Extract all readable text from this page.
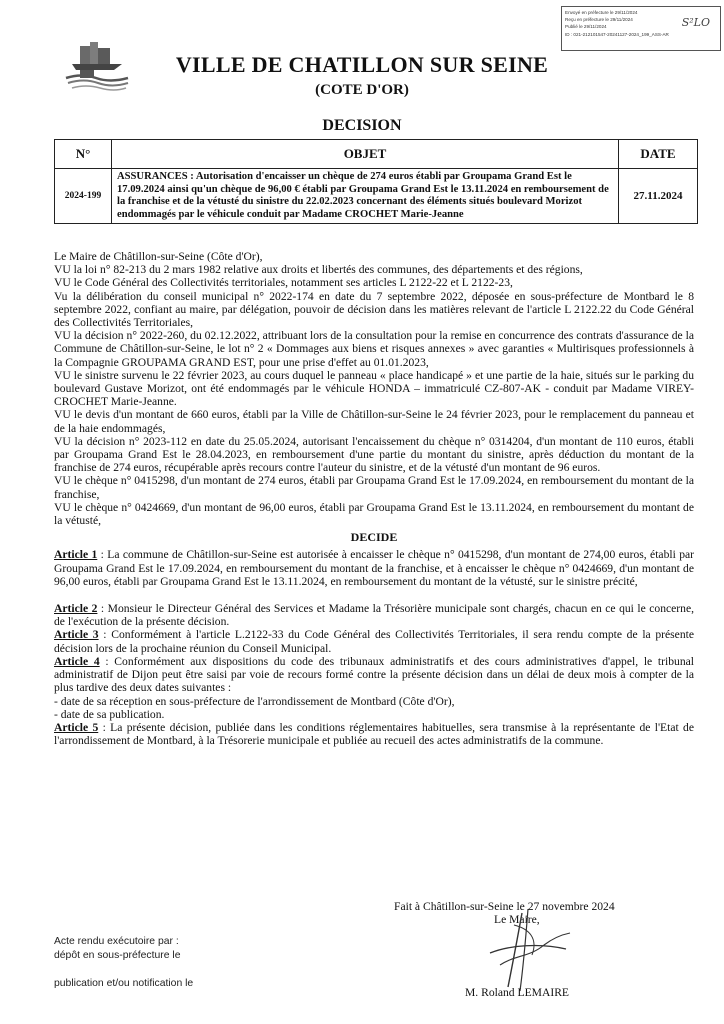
Envoyé en préfecture le 29/11/2024
Reçu en préfecture le 29/11/2024
Publié le 29/11/2024
ID : 021-212101547-20241127-2024_199_ASS-AR
S²LO
VILLE DE CHATILLON SUR SEINE
(COTE D'OR)
DECISION
N°	OBJET	DATE
2024-199	ASSURANCES : Autorisation d'encaisser un chèque de 274 euros établi par Groupama Grand Est le 17.09.2024 ainsi qu'un chèque de 96,00 € établi par Groupama Grand Est le 13.11.2024 en remboursement de la franchise et de la vétusté du sinistre du 22.02.2023 concernant des éléments situés boulevard Morizot endommagés par le véhicule conduit par Madame CROCHET Marie-Jeanne	27.11.2024

Le Maire de Châtillon-sur-Seine (Côte d'Or),

VU la loi n° 82-213 du 2 mars 1982 relative aux droits et libertés des communes, des départements et des régions,

VU le Code Général des Collectivités territoriales, notamment ses articles L 2122-22 et L 2122-23,

Vu la délibération du conseil municipal n° 2022-174 en date du 7 septembre 2022, déposée en sous-préfecture de Montbard le 8 septembre 2022, confiant au maire, par délégation, pouvoir de décision dans les matières relevant de l'article L 2122.22 du Code Général des Collectivités Territoriales,

VU la décision n° 2022-260, du 02.12.2022, attribuant lors de la consultation pour la remise en concurrence des contrats d'assurance de la Commune de Châtillon-sur-Seine, le lot n° 2 « Dommages aux biens et risques annexes » avec garanties « Multirisques professionnels à la Compagnie GROUPAMA GRAND EST, pour une prise d'effet au 01.01.2023,

VU le sinistre survenu le 22 février 2023, au cours duquel le panneau « place handicapé » et une partie de la haie, situés sur le parking du boulevard Gustave Morizot, ont été endommagés par le véhicule HONDA – immatriculé CZ-807-AK - conduit par Madame VIREY-CROCHET Marie-Jeanne.

VU le devis d'un montant de 660 euros, établi par la Ville de Châtillon-sur-Seine le 24 février 2023, pour le remplacement du panneau et de la haie endommagés,

VU la décision n° 2023-112 en date du 25.05.2024, autorisant l'encaissement du chèque n° 0314204, d'un montant de 110 euros, établi par Groupama Grand Est le 28.04.2023, en remboursement d'une partie du montant du sinistre, après déduction du montant de la franchise de 274 euros, récupérable après recours contre l'auteur du sinistre, et de la vétusté d'un montant de 96 euros.

VU le chèque n° 0415298, d'un montant de 274 euros, établi par Groupama Grand Est le 17.09.2024, en remboursement du montant de la franchise,

VU le chèque n° 0424669, d'un montant de 96,00 euros, établi par Groupama Grand Est le 13.11.2024, en remboursement du montant de la vétusté,

DECIDE

Article 1 : La commune de Châtillon-sur-Seine est autorisée à encaisser le chèque n° 0415298, d'un montant de 274,00 euros, établi par Groupama Grand Est le 17.09.2024, en remboursement du montant de la franchise, et à encaisser le chèque n° 0424669, d'un montant de 96,00 euros, établi par Groupama Grand Est le 13.11.2024, en remboursement du montant de la vétusté, sur le sinistre précité,

Article 2 : Monsieur le Directeur Général des Services et Madame la Trésorière municipale sont chargés, chacun en ce qui le concerne, de l'exécution de la présente décision.

Article 3 : Conformément à l'article L.2122-33 du Code Général des Collectivités Territoriales, il sera rendu compte de la présente décision lors de la prochaine réunion du Conseil Municipal.

Article 4 : Conformément aux dispositions du code des tribunaux administratifs et des cours administratives d'appel, le tribunal administratif de Dijon peut être saisi par voie de recours formé contre la présente décision dans un délai de deux mois à compter de la plus tardive des deux dates suivantes :

- date de sa réception en sous-préfecture de l'arrondissement de Montbard (Côte d'Or),

- date de sa publication.

Article 5 : La présente décision, publiée dans les conditions réglementaires habituelles, sera transmise à la représentante de l'Etat de l'arrondissement de Montbard, à la Trésorerie municipale et publiée au recueil des actes administratifs de la commune.

Fait à Châtillon-sur-Seine le 27 novembre 2024
Le Maire,
M. Roland LEMAIRE
Acte rendu exécutoire par :
dépôt en sous-préfecture le
publication et/ou notification le
